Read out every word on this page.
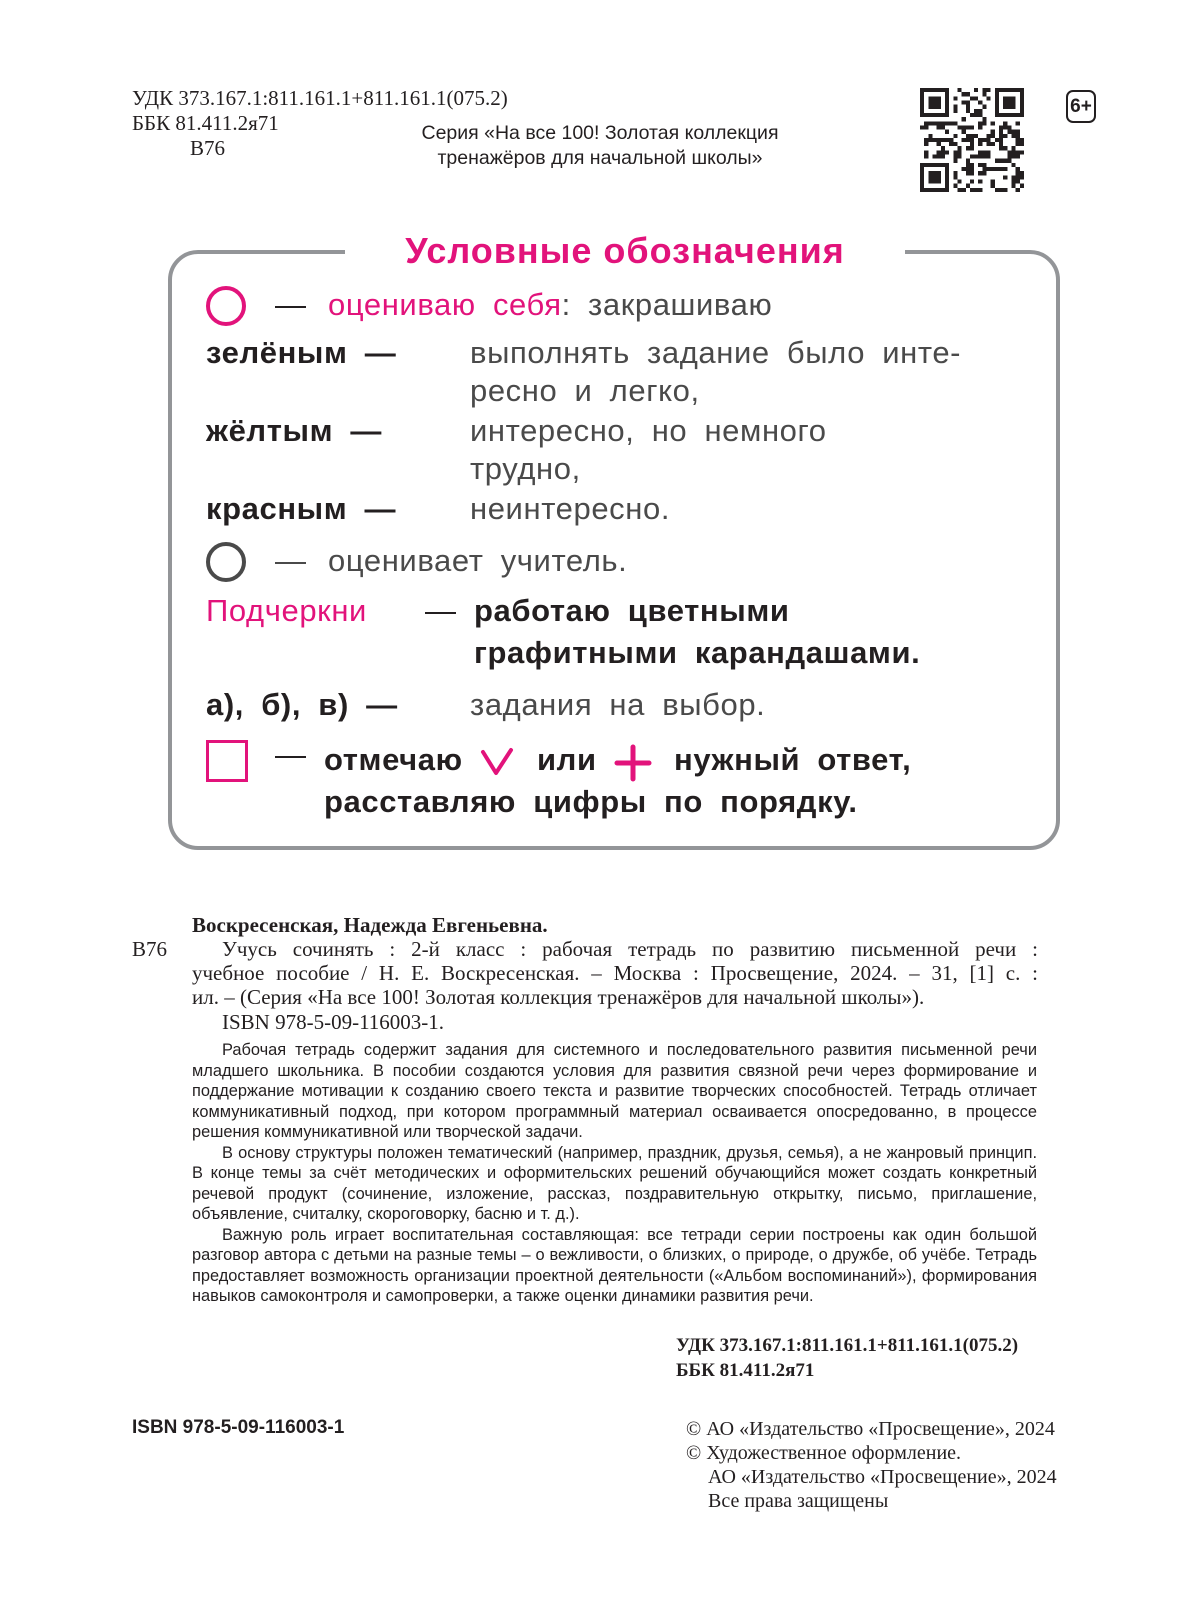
УДК 373.167.1:811.161.1+811.161.1(075.2)
ББК 81.411.2я71
В76
Серия «На все 100! Золотая коллекция
тренажёров для начальной школы»
6+
Условные обозначения
— оцениваю себя: закрашиваю
зелёным — выполнять задание было инте-
ресно и легко,
жёлтым —	интересно, но немного
трудно,
красным — неинтересно.
— оценивает учитель.
Подчеркни — работаю цветными
графитными карандашами.
а), б), в) — задания на выбор.
— отмечаю или нужный ответ,
расставляю цифры по порядку.
Воскресенская, Надежда Евгеньевна.
В76	Учусь сочинять : 2-й класс : рабочая тетрадь по развитию письменной речи :
учебное пособие / Н. Е. Воскресенская. – Москва : Просвещение, 2024. – 31, [1] с. :
ил. – (Серия «На все 100! Золотая коллекция тренажёров для начальной школы»).
ISBN 978-5-09-116003-1.

Рабочая тетрадь содержит задания для системного и последовательного развития письменной речи младшего школьника. В пособии создаются условия для развития связной речи через формирование и поддержание мотивации к созданию своего текста и развитие творческих способностей. Тетрадь отличает коммуникативный подход, при котором программный материал осваивается опосредованно, в процессе решения коммуникативной или творческой задачи.

В основу структуры положен тематический (например, праздник, друзья, семья), а не жанровый принцип. В конце темы за счёт методических и оформительских решений обучающийся может создать конкретный речевой продукт (сочинение, изложение, рассказ, поздравительную открытку, письмо, приглашение, объявление, считалку, скороговорку, басню и т. д.).

Важную роль играет воспитательная составляющая: все тетради серии построены как один большой разговор автора с детьми на разные темы – о вежливости, о близких, о природе, о дружбе, об учёбе. Тетрадь предоставляет возможность организации проектной деятельности («Альбом воспоминаний»), формирования навыков самоконтроля и самопроверки, а также оценки динамики развития речи.

УДК 373.167.1:811.161.1+811.161.1(075.2)
ББК 81.411.2я71
ISBN 978-5-09-116003-1	© АО «Издательство «Просвещение», 2024
© Художественное оформление.
АО «Издательство «Просвещение», 2024
Все права защищены
